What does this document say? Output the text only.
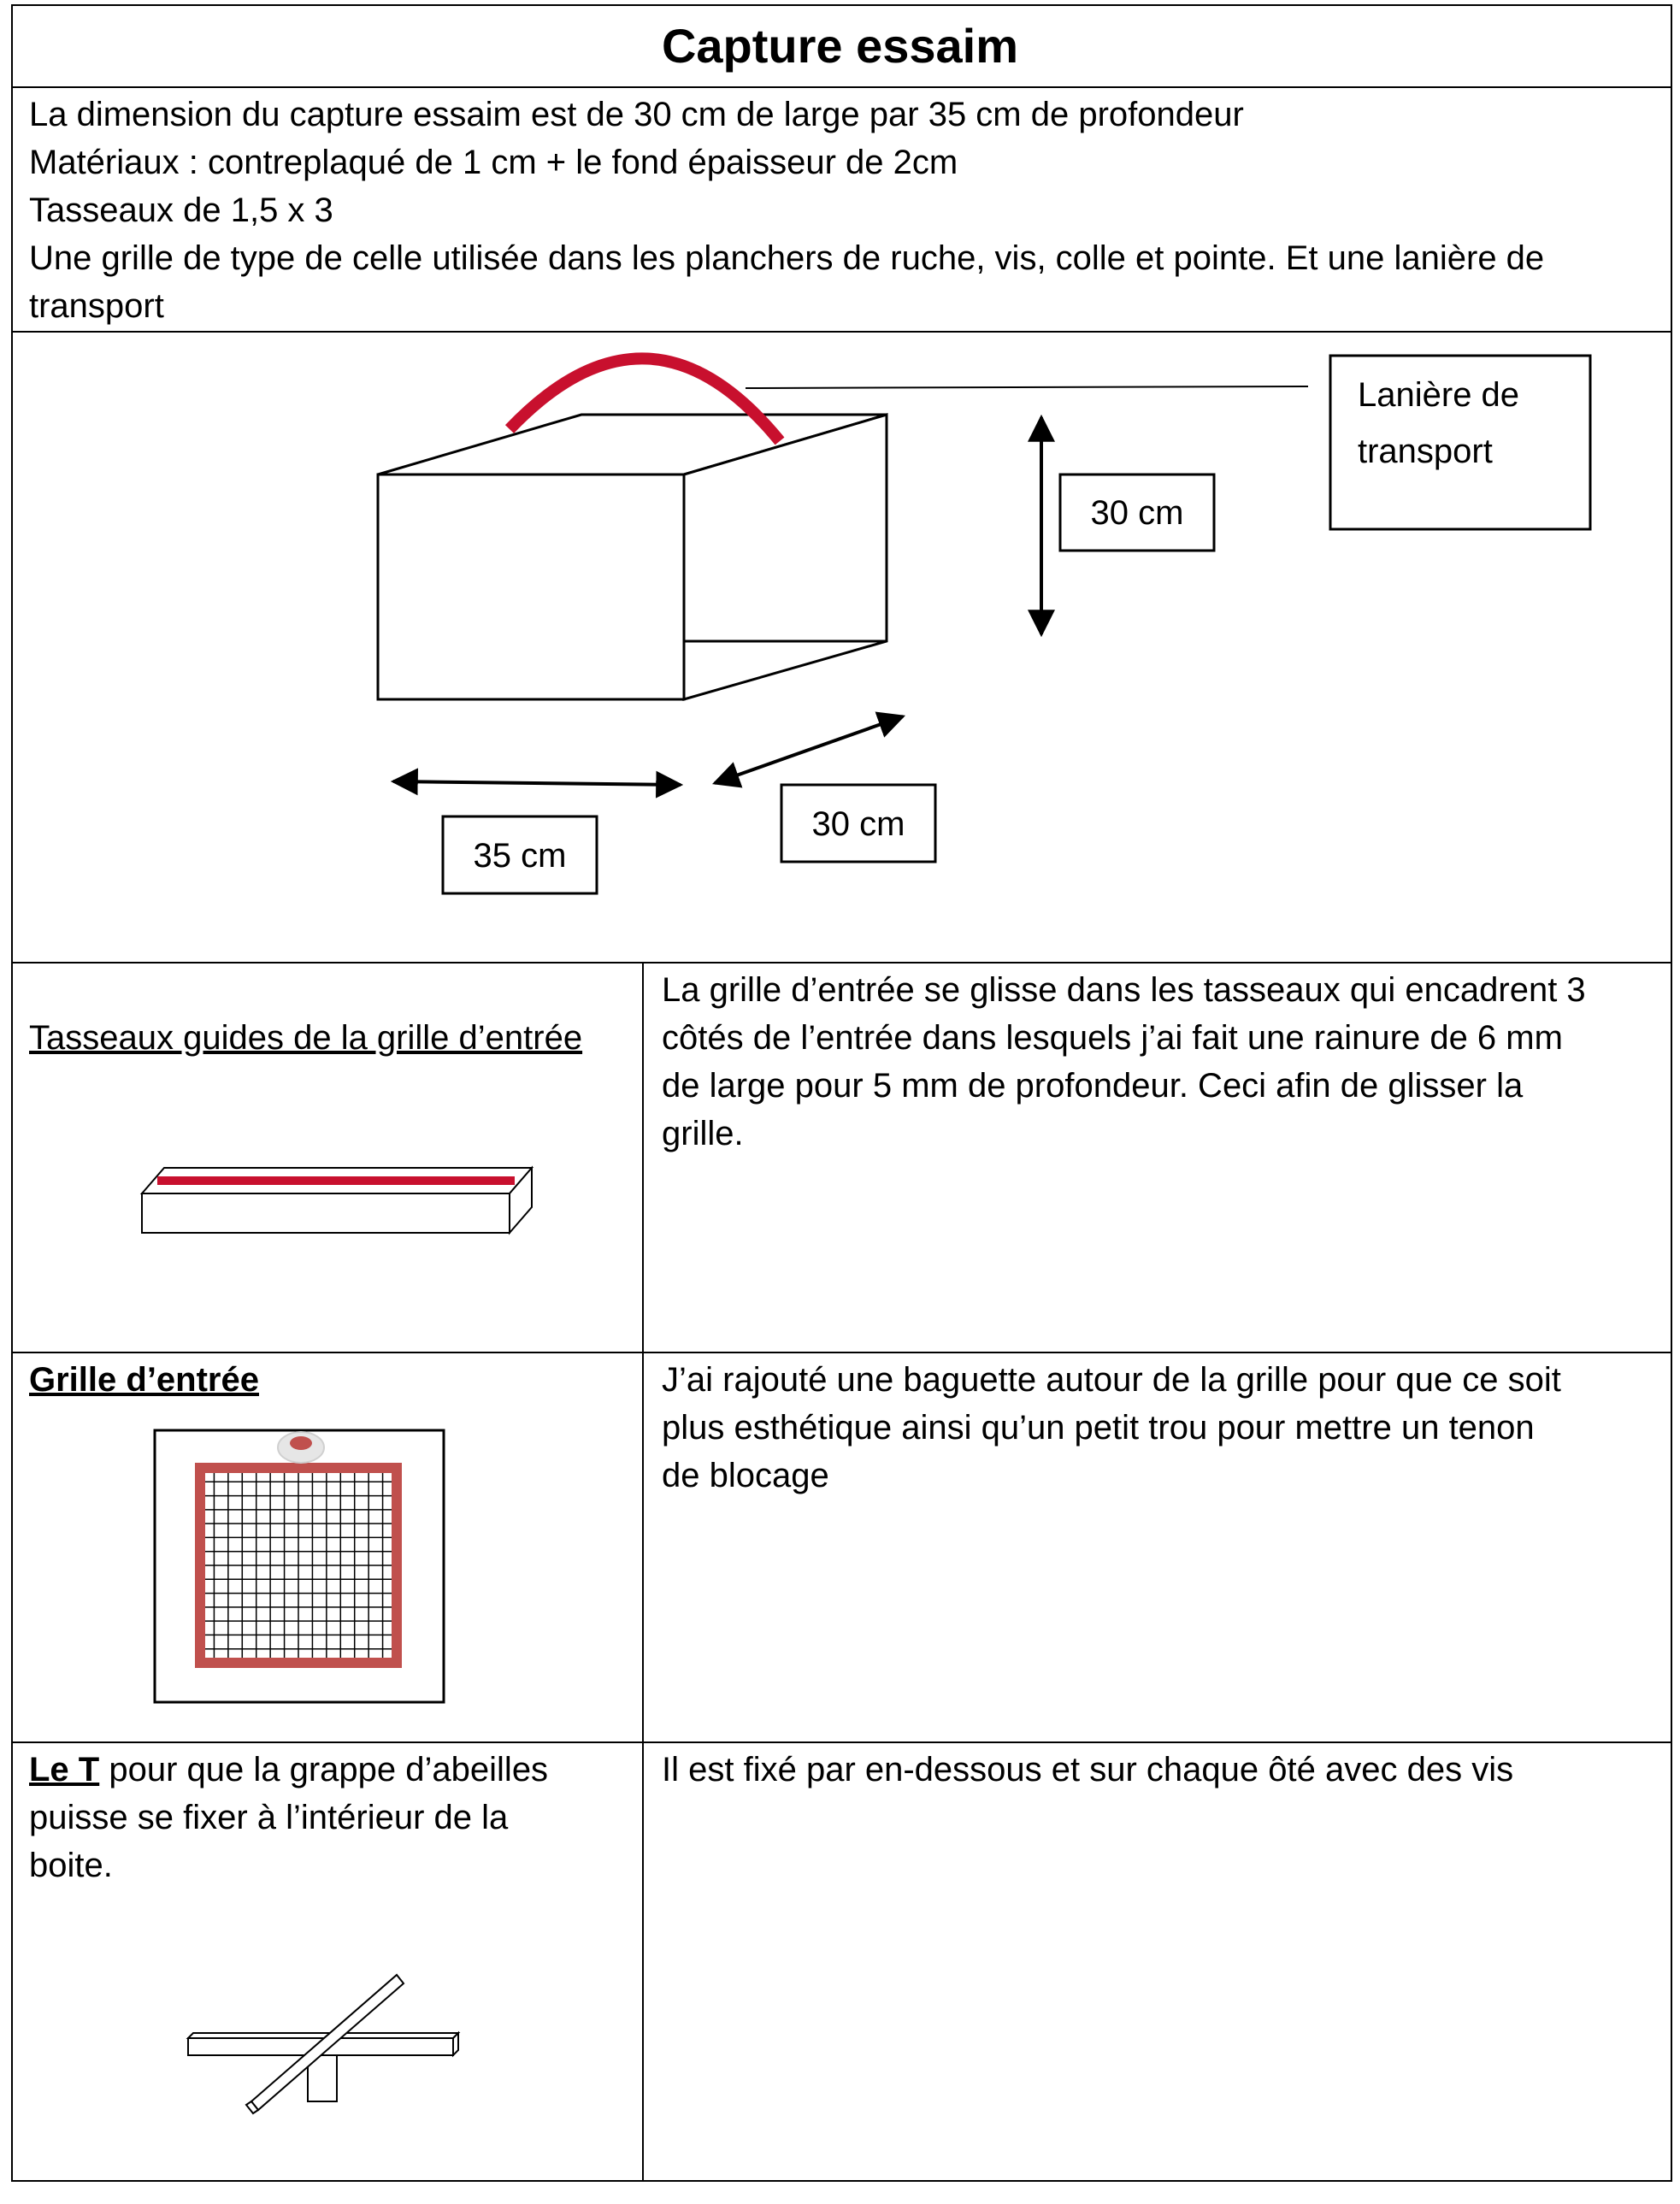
Capture essaim
La dimension du capture essaim est de 30 cm de large par 35 cm de profondeur
Matériaux : contreplaqué de 1 cm + le fond épaisseur de 2cm
Tasseaux de 1,5 x 3
Une grille de type de celle utilisée dans les planchers de ruche, vis, colle et pointe. Et une lanière de
transport
Lanière de
transport
30 cm
35 cm
30 cm
Tasseaux guides de la grille d’entrée
La grille d’entrée se glisse dans les tasseaux qui encadrent 3
côtés de l’entrée dans lesquels j’ai fait une rainure de 6 mm
de large pour 5 mm de profondeur. Ceci afin de glisser la
grille.
Grille d’entrée	J’ai rajouté une baguette autour de la grille pour que ce soit
plus esthétique ainsi qu’un petit trou pour mettre un tenon
de blocage
Le T pour que la grappe d’abeilles
puisse se fixer à l’intérieur de la
boite.
Il est fixé par en-dessous et sur chaque ôté avec des vis
